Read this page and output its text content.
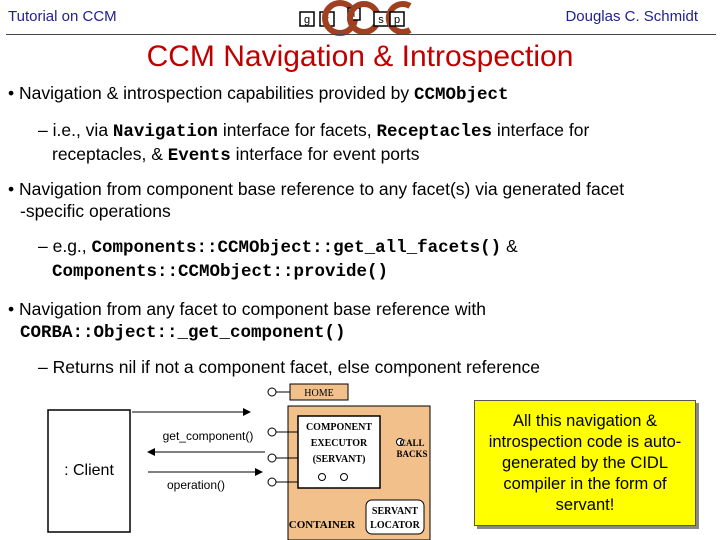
Tutorial on CCM	g r i s p	Douglas C. Schmidt
CCM Navigation & Introspection
• Navigation & introspection capabilities provided by CCMObject
– i.e., via Navigation interface for facets, Receptacles interface for
receptacles, & Events interface for event ports
• Navigation from component base reference to any facet(s) via generated facet
-specific operations
– e.g., Components::CCMObject::get_all_facets() &
Components::CCMObject::provide()
• Navigation from any facet to component base reference with
CORBA::Object::_get_component()
– Returns nil if not a component facet, else component reference
: Client
get_component()
operation()
HOME
CONTAINER
COMPONENT
EXECUTOR
(SERVANT)
CALL
BACKS
SERVANT
LOCATOR
All this navigation & introspection code is auto-generated by the CIDL compiler in the form of servant!
